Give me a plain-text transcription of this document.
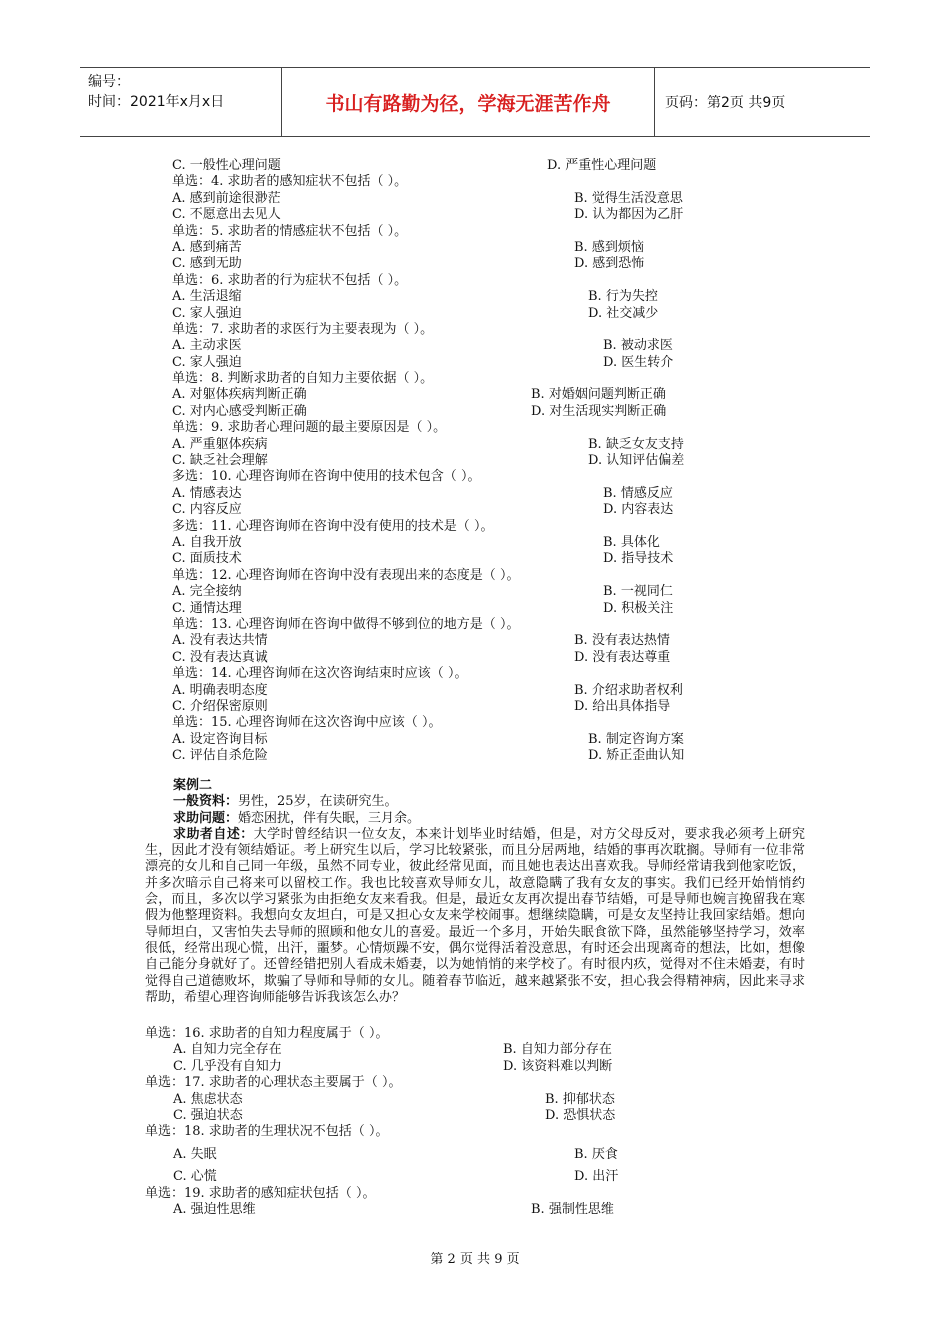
编号：
时间：2021年x月x日	书山有路勤为径，学海无涯苦作舟	页码：第2页 共9页
C. 一般性心理问题	D. 严重性心理问题
单选：4. 求助者的感知症状不包括（ ）。
A. 感到前途很渺茫	B. 觉得生活没意思
C. 不愿意出去见人	D. 认为都因为乙肝
单选：5. 求助者的情感症状不包括（ ）。
A. 感到痛苦	B. 感到烦恼
C. 感到无助	D. 感到恐怖
单选：6. 求助者的行为症状不包括（ ）。
A. 生活退缩	B. 行为失控
C. 家人强迫	D. 社交减少
单选：7. 求助者的求医行为主要表现为（ ）。
A. 主动求医	B. 被动求医
C. 家人强迫	D. 医生转介
单选：8. 判断求助者的自知力主要依据（ ）。
A. 对躯体疾病判断正确	B. 对婚姻问题判断正确
C. 对内心感受判断正确	D. 对生活现实判断正确
单选：9. 求助者心理问题的最主要原因是（ ）。
A. 严重躯体疾病	B. 缺乏女友支持
C. 缺乏社会理解	D. 认知评估偏差
多选：10. 心理咨询师在咨询中使用的技术包含（ ）。
A. 情感表达	B. 情感反应
C. 内容反应	D. 内容表达
多选：11. 心理咨询师在咨询中没有使用的技术是（ ）。
A. 自我开放	B. 具体化
C. 面质技术	D. 指导技术
单选：12. 心理咨询师在咨询中没有表现出来的态度是（ ）。
A. 完全接纳	B. 一视同仁
C. 通情达理	D. 积极关注
单选：13. 心理咨询师在咨询中做得不够到位的地方是（ ）。
A. 没有表达共情	B. 没有表达热情
C. 没有表达真诚	D. 没有表达尊重
单选：14. 心理咨询师在这次咨询结束时应该（ ）。
A. 明确表明态度	B. 介绍求助者权利
C. 介绍保密原则	D. 给出具体指导
单选：15. 心理咨询师在这次咨询中应该（ ）。
A. 设定咨询目标	B. 制定咨询方案
C. 评估自杀危险	D. 矫正歪曲认知
案例二
一般资料：男性，25岁，在读研究生。
求助问题：婚恋困扰，伴有失眠，三月余。
求助者自述：大学时曾经结识一位女友，本来计划毕业时结婚，但是，对方父母反对，要求我必须考上研究生，因此才没有领结婚证。考上研究生以后，学习比较紧张，而且分居两地，结婚的事再次耽搁。导师有一位非常漂亮的女儿和自己同一年级，虽然不同专业，彼此经常见面，而且她也表达出喜欢我。导师经常请我到他家吃饭，并多次暗示自己将来可以留校工作。我也比较喜欢导师女儿，故意隐瞒了我有女友的事实。我们已经开始悄悄约会，而且，多次以学习紧张为由拒绝女友来看我。但是，最近女友再次提出春节结婚，可是导师也婉言挽留我在寒假为他整理资料。我想向女友坦白，可是又担心女友来学校闹事。想继续隐瞒，可是女友坚持让我回家结婚。想向导师坦白，又害怕失去导师的照顾和他女儿的喜爱。最近一个多月，开始失眠食欲下降，虽然能够坚持学习，效率很低，经常出现心慌，出汗，噩梦。心情烦躁不安，偶尔觉得活着没意思，有时还会出现离奇的想法，比如，想像自己能分身就好了。还曾经错把别人看成未婚妻，以为她悄悄的来学校了。有时很内疚，觉得对不住未婚妻，有时觉得自己道德败坏，欺骗了导师和导师的女儿。随着春节临近，越来越紧张不安，担心我会得精神病，因此来寻求帮助，希望心理咨询师能够告诉我该怎么办？
单选：16. 求助者的自知力程度属于（ ）。
A. 自知力完全存在	B. 自知力部分存在
C. 几乎没有自知力	D. 该资料难以判断
单选：17. 求助者的心理状态主要属于（ ）。
A. 焦虑状态	B. 抑郁状态
C. 强迫状态	D. 恐惧状态
单选：18. 求助者的生理状况不包括（ ）。
A. 失眠	B. 厌食
C. 心慌	D. 出汗
单选：19. 求助者的感知症状包括（ ）。
A. 强迫性思维	B. 强制性思维
第 2 页 共 9 页
